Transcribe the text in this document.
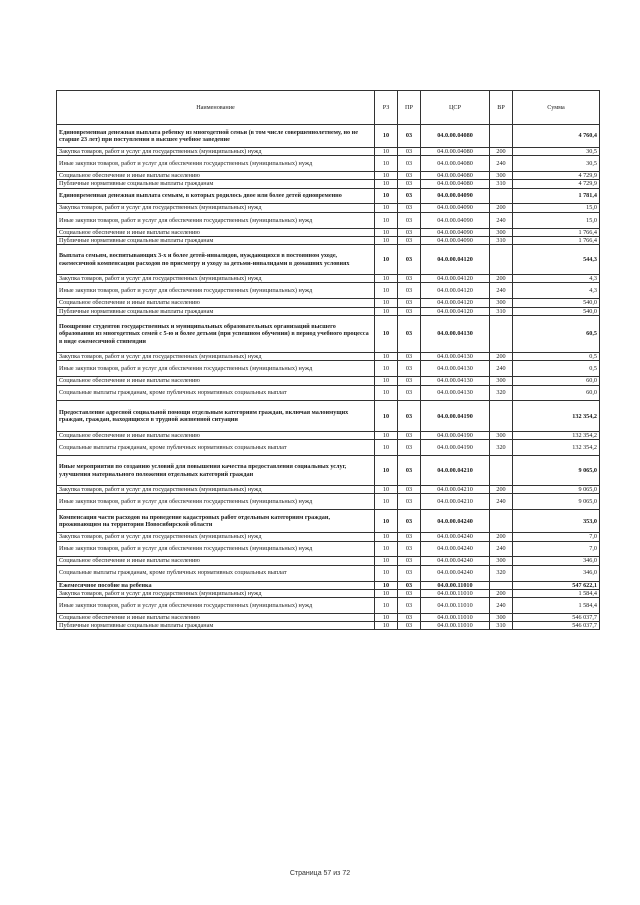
Наименование	РЗ	ПР	ЦСР	ВР	Сумма
Единовременная денежная выплата ребенку из многодетной семьи (в том числе совершеннолетнему, но не старше 23 лет) при поступлении в высшее учебное заведение	10	03	04.0.00.04080		4 760,4
Закупка товаров, работ и услуг для государственных (муниципальных) нужд	10	03	04.0.00.04080	200	30,5
Иные закупки товаров, работ и услуг для обеспечения государственных (муниципальных) нужд	10	03	04.0.00.04080	240	30,5
Социальное обеспечение и иные выплаты населению	10	03	04.0.00.04080	300	4 729,9
Публичные нормативные социальные выплаты гражданам	10	03	04.0.00.04080	310	4 729,9
Единовременная денежная выплата семьям, в которых родилось двое или более детей одновременно	10	03	04.0.00.04090		1 781,4
Закупка товаров, работ и услуг для государственных (муниципальных) нужд	10	03	04.0.00.04090	200	15,0
Иные закупки товаров, работ и услуг для обеспечения государственных (муниципальных) нужд	10	03	04.0.00.04090	240	15,0
Социальное обеспечение и иные выплаты населению	10	03	04.0.00.04090	300	1 766,4
Публичные нормативные социальные выплаты гражданам	10	03	04.0.00.04090	310	1 766,4
Выплата семьям, воспитывающих 3-х и более детей-инвалидов, нуждающихся в постоянном уходе, ежемесячной компенсации расходов по присмотру и уходу за детьми-инвалидами в домашних условиях	10	03	04.0.00.04120		544,3
Закупка товаров, работ и услуг для государственных (муниципальных) нужд	10	03	04.0.00.04120	200	4,3
Иные закупки товаров, работ и услуг для обеспечения государственных (муниципальных) нужд	10	03	04.0.00.04120	240	4,3
Социальное обеспечение и иные выплаты населению	10	03	04.0.00.04120	300	540,0
Публичные нормативные социальные выплаты гражданам	10	03	04.0.00.04120	310	540,0
Поощрение студентов государственных и муниципальных образовательных организаций высшего образования из многодетных семей с 5-ю и более детьми (при успешном обучении) в период учебного процесса в виде ежемесячной стипендии	10	03	04.0.00.04130		60,5
Закупка товаров, работ и услуг для государственных (муниципальных) нужд	10	03	04.0.00.04130	200	0,5
Иные закупки товаров, работ и услуг для обеспечения государственных (муниципальных) нужд	10	03	04.0.00.04130	240	0,5
Социальное обеспечение и иные выплаты населению	10	03	04.0.00.04130	300	60,0
Социальные выплаты гражданам, кроме публичных нормативных социальных выплат	10	03	04.0.00.04130	320	60,0
Предоставление адресной социальной помощи отдельным категориям граждан, включая малоимущих граждан, граждан, находящихся в трудной жизненной ситуации	10	03	04.0.00.04190		132 354,2
Социальное обеспечение и иные выплаты населению	10	03	04.0.00.04190	300	132 354,2
Социальные выплаты гражданам, кроме публичных нормативных социальных выплат	10	03	04.0.00.04190	320	132 354,2
Иные мероприятия по созданию условий для повышения качества предоставления социальных услуг, улучшения материального положения отдельных категорий граждан	10	03	04.0.00.04210		9 065,0
Закупка товаров, работ и услуг для государственных (муниципальных) нужд	10	03	04.0.00.04210	200	9 065,0
Иные закупки товаров, работ и услуг для обеспечения государственных (муниципальных) нужд	10	03	04.0.00.04210	240	9 065,0
Компенсация части расходов на проведение кадастровых работ отдельным категориям граждан, проживающим на территории Новосибирской области	10	03	04.0.00.04240		353,0
Закупка товаров, работ и услуг для государственных (муниципальных) нужд	10	03	04.0.00.04240	200	7,0
Иные закупки товаров, работ и услуг для обеспечения государственных (муниципальных) нужд	10	03	04.0.00.04240	240	7,0
Социальное обеспечение и иные выплаты населению	10	03	04.0.00.04240	300	346,0
Социальные выплаты гражданам, кроме публичных нормативных социальных выплат	10	03	04.0.00.04240	320	346,0
Ежемесячное пособие на ребенка	10	03	04.0.00.11010		547 622,1
Закупка товаров, работ и услуг для государственных (муниципальных) нужд	10	03	04.0.00.11010	200	1 584,4
Иные закупки товаров, работ и услуг для обеспечения государственных (муниципальных) нужд	10	03	04.0.00.11010	240	1 584,4
Социальное обеспечение и иные выплаты населению	10	03	04.0.00.11010	300	546 037,7
Публичные нормативные социальные выплаты гражданам	10	03	04.0.00.11010	310	546 037,7
Страница 57 из 72
